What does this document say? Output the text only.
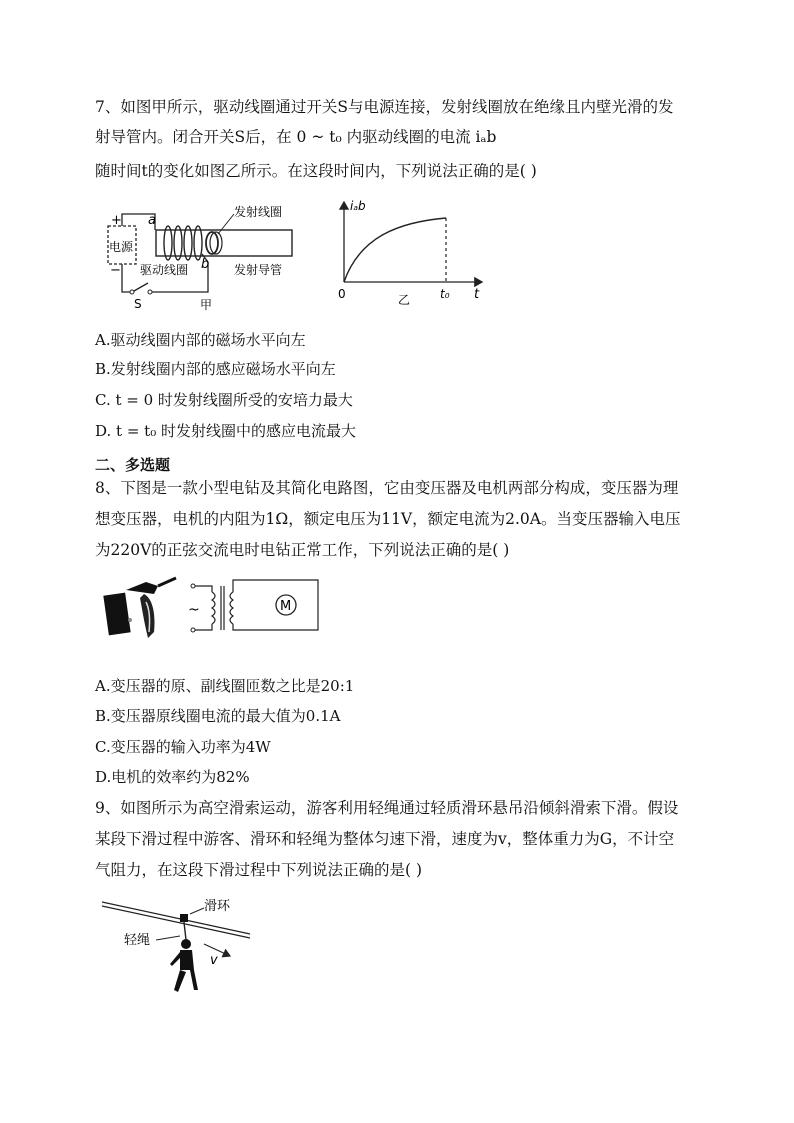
7、如图甲所示，驱动线圈通过开关S与电源连接，发射线圈放在绝缘且内壁光滑的发
射导管内。闭合开关S后，在 0 ~ t₀ 内驱动线圈的电流 iₐb
随时间t的变化如图乙所示。在这段时间内，下列说法正确的是( )
+
−
电源
a
S
b
发射线圈
驱动线圈	发射导管
甲
iₐb
0	t₀ t
乙
A.驱动线圈内部的磁场水平向左
B.发射线圈内部的感应磁场水平向左
C. t = 0 时发射线圈所受的安培力最大
D. t = t₀ 时发射线圈中的感应电流最大
二、多选题
8、下图是一款小型电钻及其简化电路图，它由变压器及电机两部分构成，变压器为理
想变压器，电机的内阻为1Ω，额定电压为11V，额定电流为2.0A。当变压器输入电压
为220V的正弦交流电时电钻正常工作，下列说法正确的是( )
~	M
A.变压器的原、副线圈匝数之比是20:1
B.变压器原线圈电流的最大值为0.1A
C.变压器的输入功率为4W
D.电机的效率约为82%
9、如图所示为高空滑索运动，游客利用轻绳通过轻质滑环悬吊沿倾斜滑索下滑。假设
某段下滑过程中游客、滑环和轻绳为整体匀速下滑，速度为v，整体重力为G，不计空
气阻力，在这段下滑过程中下列说法正确的是( )
滑环
轻绳
v
